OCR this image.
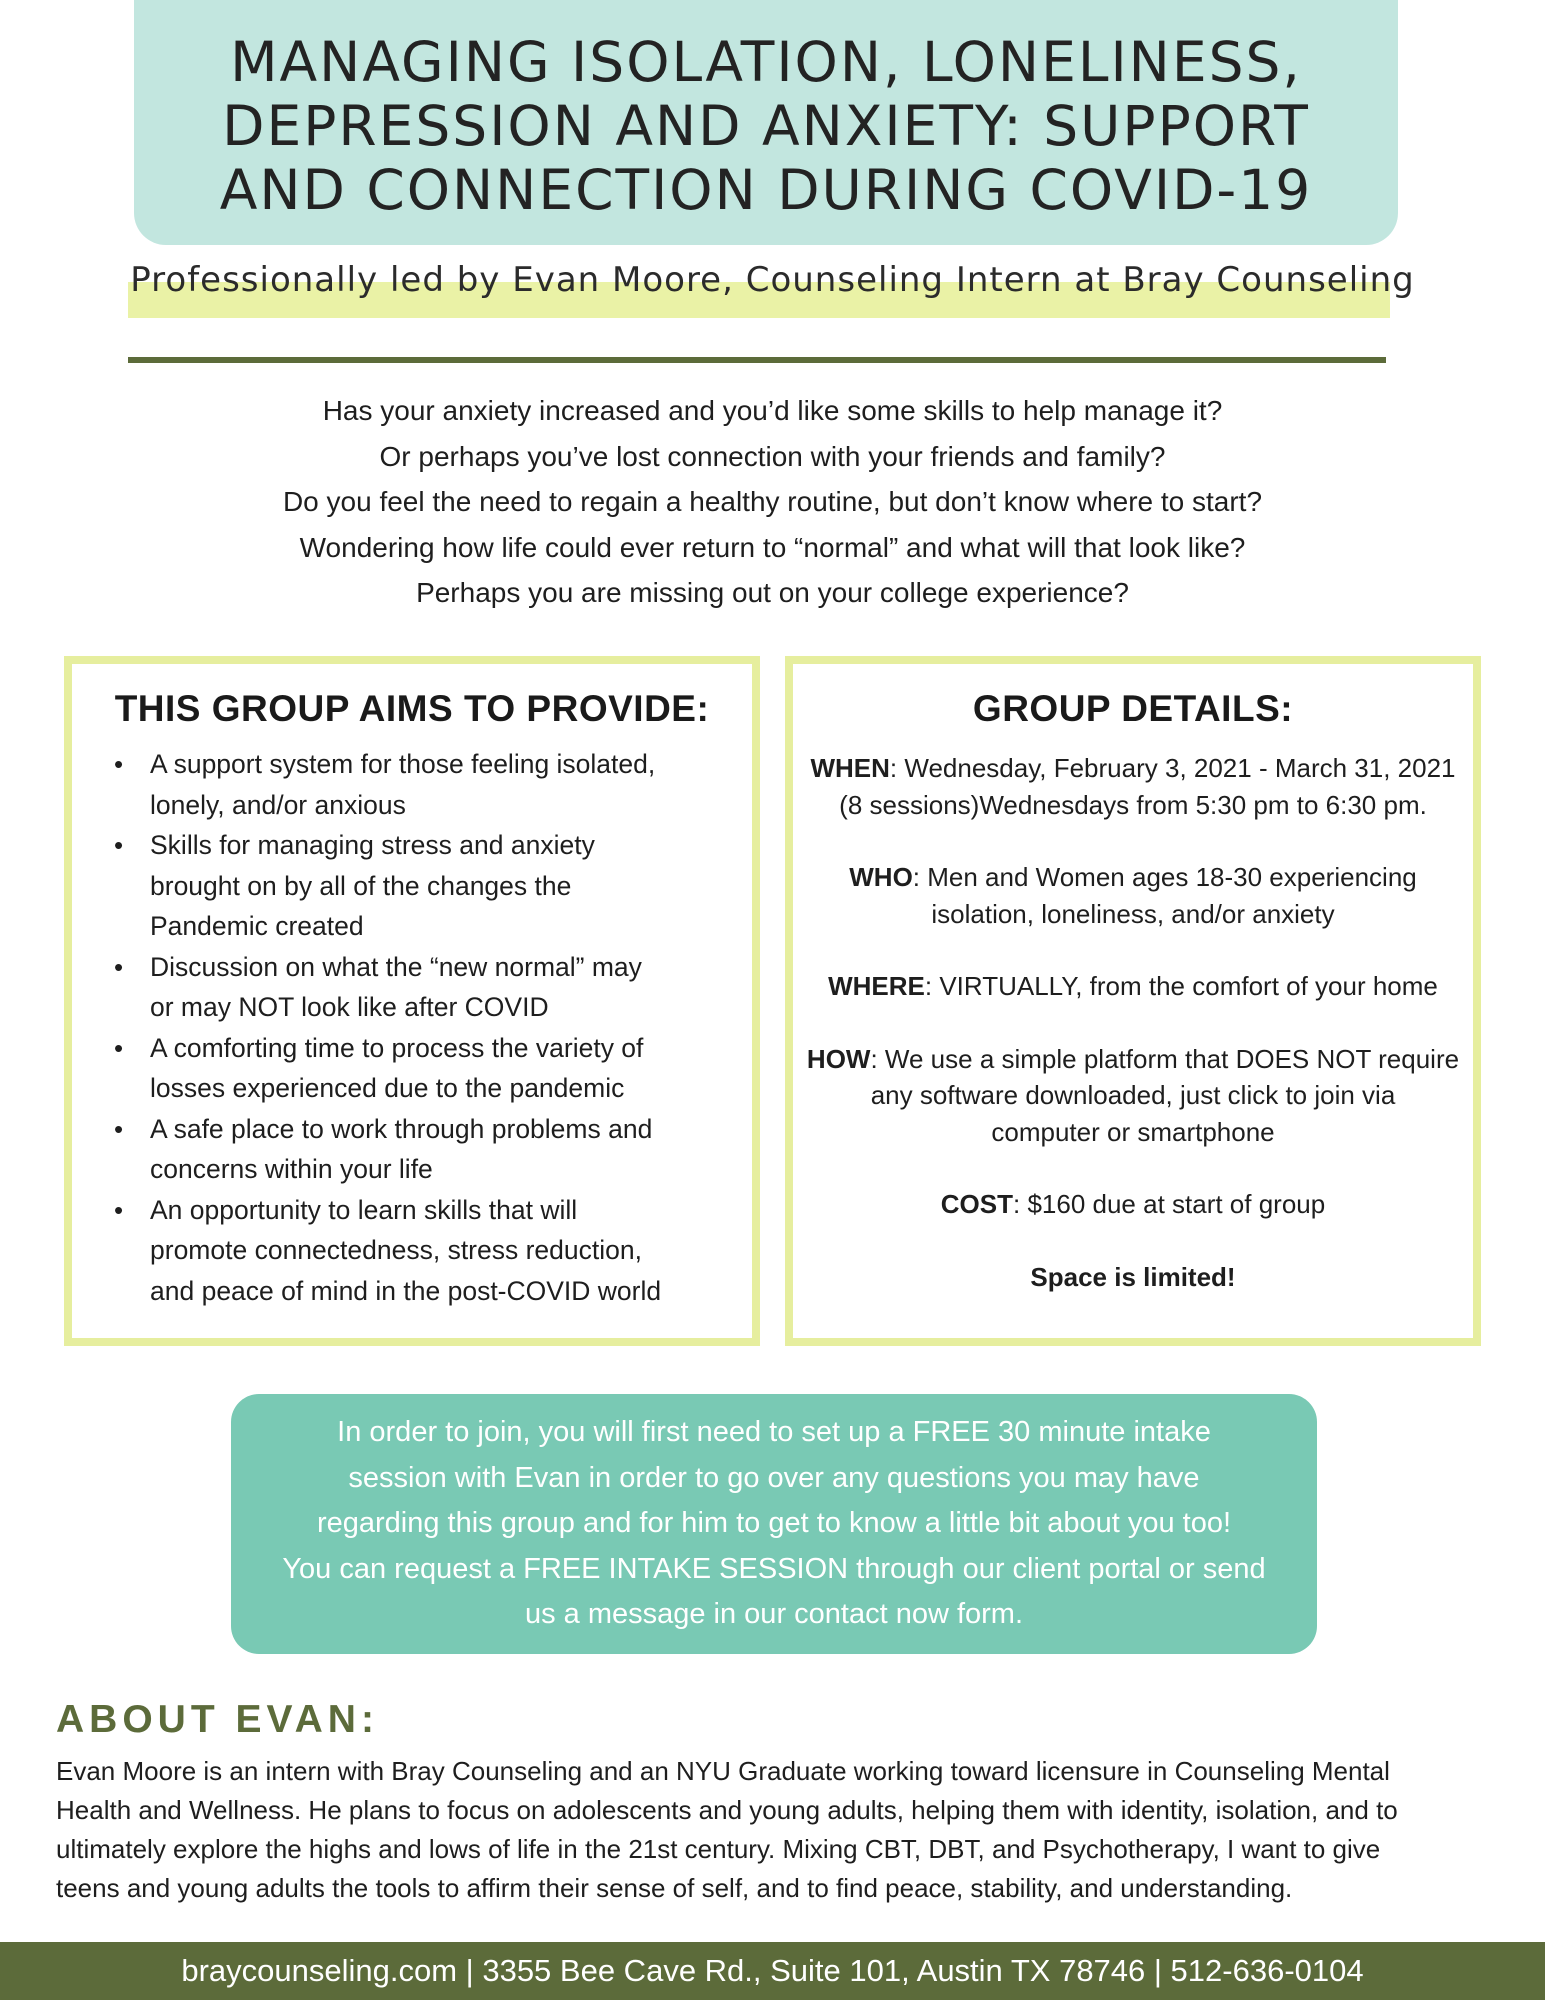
MANAGING ISOLATION, LONELINESS,
DEPRESSION AND ANXIETY: SUPPORT
AND CONNECTION DURING COVID-19
Professionally led by Evan Moore, Counseling Intern at Bray Counseling
Has your anxiety increased and you’d like some skills to help manage it?
Or perhaps you’ve lost connection with your friends and family?
Do you feel the need to regain a healthy routine, but don’t know where to start?
Wondering how life could ever return to “normal” and what will that look like?
Perhaps you are missing out on your college experience?
THIS GROUP AIMS TO PROVIDE:
• A support system for those feeling isolated,
lonely, and/or anxious
• Skills for managing stress and anxiety
brought on by all of the changes the
Pandemic created
• Discussion on what the “new normal” may
or may NOT look like after COVID
• A comforting time to process the variety of
losses experienced due to the pandemic
• A safe place to work through problems and
concerns within your life
• An opportunity to learn skills that will
promote connectedness, stress reduction,
and peace of mind in the post-COVID world
GROUP DETAILS:
WHEN: Wednesday, February 3, 2021 - March 31, 2021
(8 sessions)Wednesdays from 5:30 pm to 6:30 pm.
WHO: Men and Women ages 18-30 experiencing
isolation, loneliness, and/or anxiety
WHERE: VIRTUALLY, from the comfort of your home
HOW: We use a simple platform that DOES NOT require
any software downloaded, just click to join via
computer or smartphone
COST: $160 due at start of group
Space is limited!
In order to join, you will first need to set up a FREE 30 minute intake
session with Evan in order to go over any questions you may have
regarding this group and for him to get to know a little bit about you too!
You can request a FREE INTAKE SESSION through our client portal or send
us a message in our contact now form.
ABOUT EVAN:
Evan Moore is an intern with Bray Counseling and an NYU Graduate working toward licensure in Counseling Mental
Health and Wellness. He plans to focus on adolescents and young adults, helping them with identity, isolation, and to
ultimately explore the highs and lows of life in the 21st century. Mixing CBT, DBT, and Psychotherapy, I want to give
teens and young adults the tools to affirm their sense of self, and to find peace, stability, and understanding.
braycounseling.com | 3355 Bee Cave Rd., Suite 101, Austin TX 78746 | 512-636-0104
